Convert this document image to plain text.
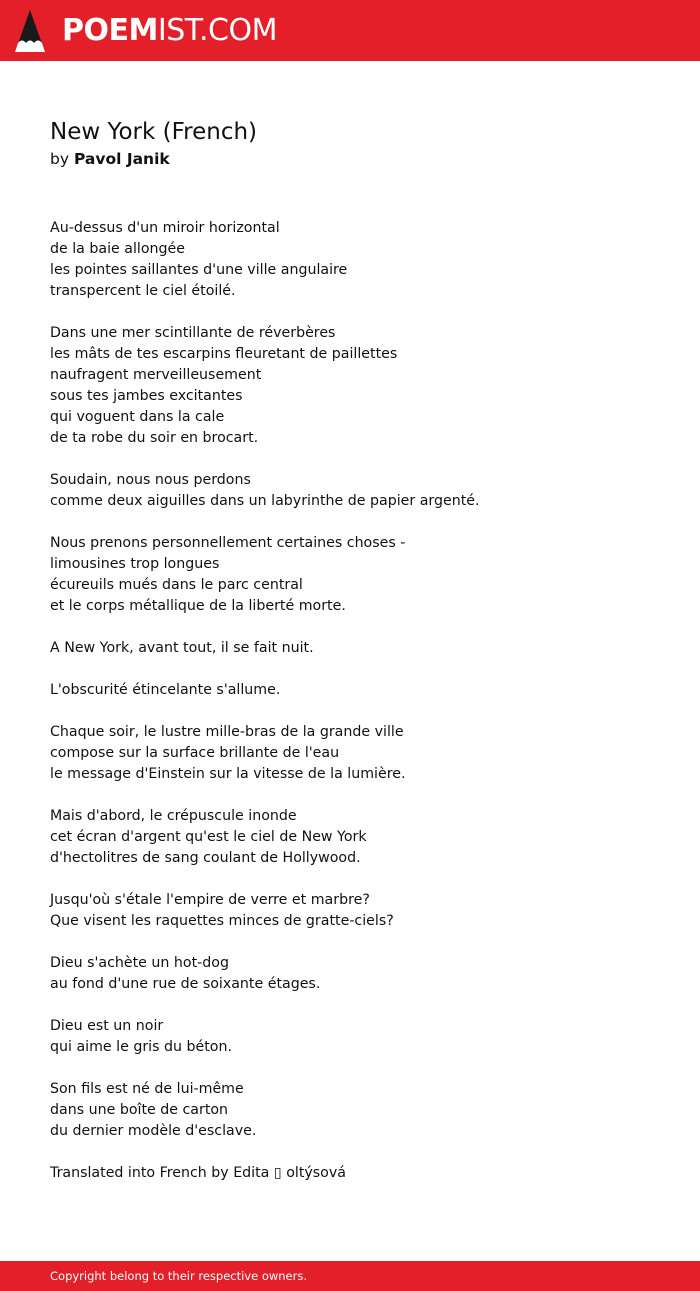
POEMIST.COM
New York (French)
by Pavol Janik

Au-dessus d'un miroir horizontal
de la baie allongée
les pointes saillantes d'une ville angulaire
transpercent le ciel étoilé.

Dans une mer scintillante de réverbères
les mâts de tes escarpins fleuretant de paillettes
naufragent merveilleusement
sous tes jambes excitantes
qui voguent dans la cale
de ta robe du soir en brocart.

Soudain, nous nous perdons
comme deux aiguilles dans un labyrinthe de papier argenté.

Nous prenons personnellement certaines choses -
limousines trop longues
écureuils mués dans le parc central
et le corps métallique de la liberté morte.

A New York, avant tout, il se fait nuit.

L'obscurité étincelante s'allume.

Chaque soir, le lustre mille-bras de la grande ville
compose sur la surface brillante de l'eau
le message d'Einstein sur la vitesse de la lumière.

Mais d'abord, le crépuscule inonde
cet écran d'argent qu'est le ciel de New York
d'hectolitres de sang coulant de Hollywood.

Jusqu'où s'étale l'empire de verre et marbre?
Que visent les raquettes minces de gratte-ciels?

Dieu s'achète un hot-dog
au fond d'une rue de soixante étages.

Dieu est un noir
qui aime le gris du béton.

Son fils est né de lui-même
dans une boîte de carton
du dernier modèle d'esclave.

Translated into French by Edita ▯ oltýsová

Copyright belong to their respective owners.
